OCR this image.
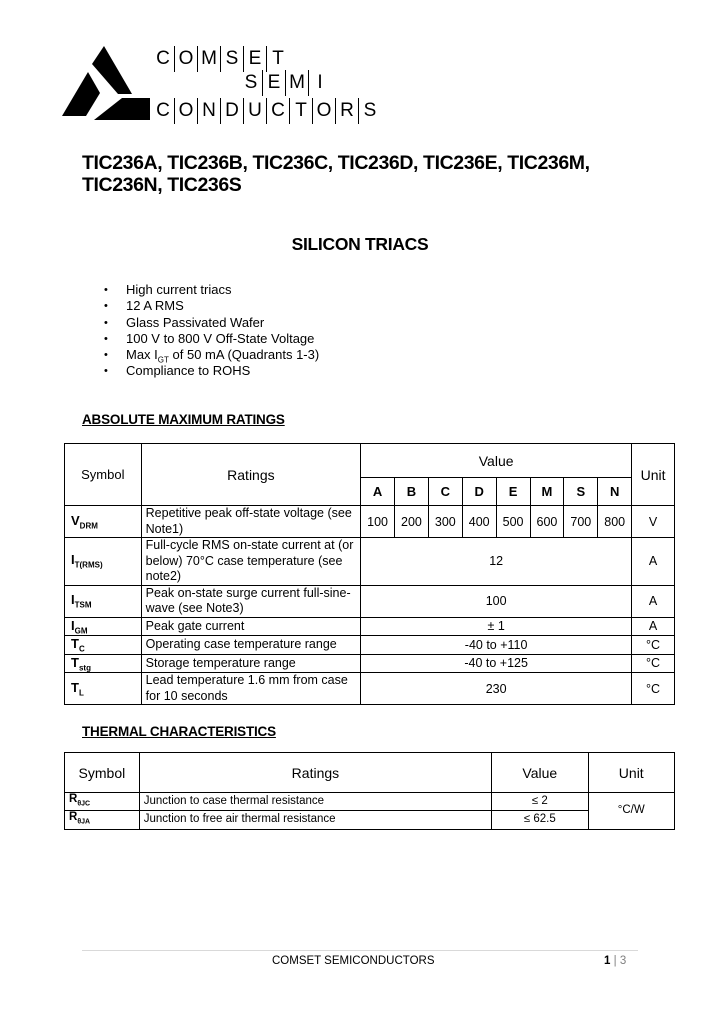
C O M S E T
S E M I
C O N D U C T O R S
TIC236A, TIC236B, TIC236C, TIC236D, TIC236E, TIC236M,
TIC236N, TIC236S
SILICON TRIACS
• High current triacs
• 12 A RMS
• Glass Passivated Wafer
• 100 V to 800 V Off-State Voltage
• Max $I_{GT}$ of 50 mA (Quadrants 1-3)
• Compliance to ROHS
ABSOLUTE MAXIMUM RATINGS
Symbol	Ratings	Value								Unit
		A	B	C	D	E	M	S	N	
$V_{DRM}$	Repetitive peak off-state voltage (see Note1)	100	200	300	400	500	600	700	800	V
$I_{T(RMS)}$	Full-cycle RMS on-state current at (or below) 70°C case temperature (see note2)	12								A
$I_{TSM}$	Peak on-state surge current full-sine-wave (see Note3)	100								A
$I_{GM}$	Peak gate current	± 1								A
$T_C$	Operating case temperature range	-40 to +110								°C
$T_{stg}$	Storage temperature range	-40 to +125								°C
$T_L$	Lead temperature 1.6 mm from case for 10 seconds	230								°C
THERMAL CHARACTERISTICS
Symbol	Ratings	Value	Unit
$R_{\theta JC}$	Junction to case thermal resistance	≤ 2	°C/W
$R_{\theta JA}$	Junction to free air thermal resistance	≤ 62.5	
COMSET SEMICONDUCTORS	1 | 3
